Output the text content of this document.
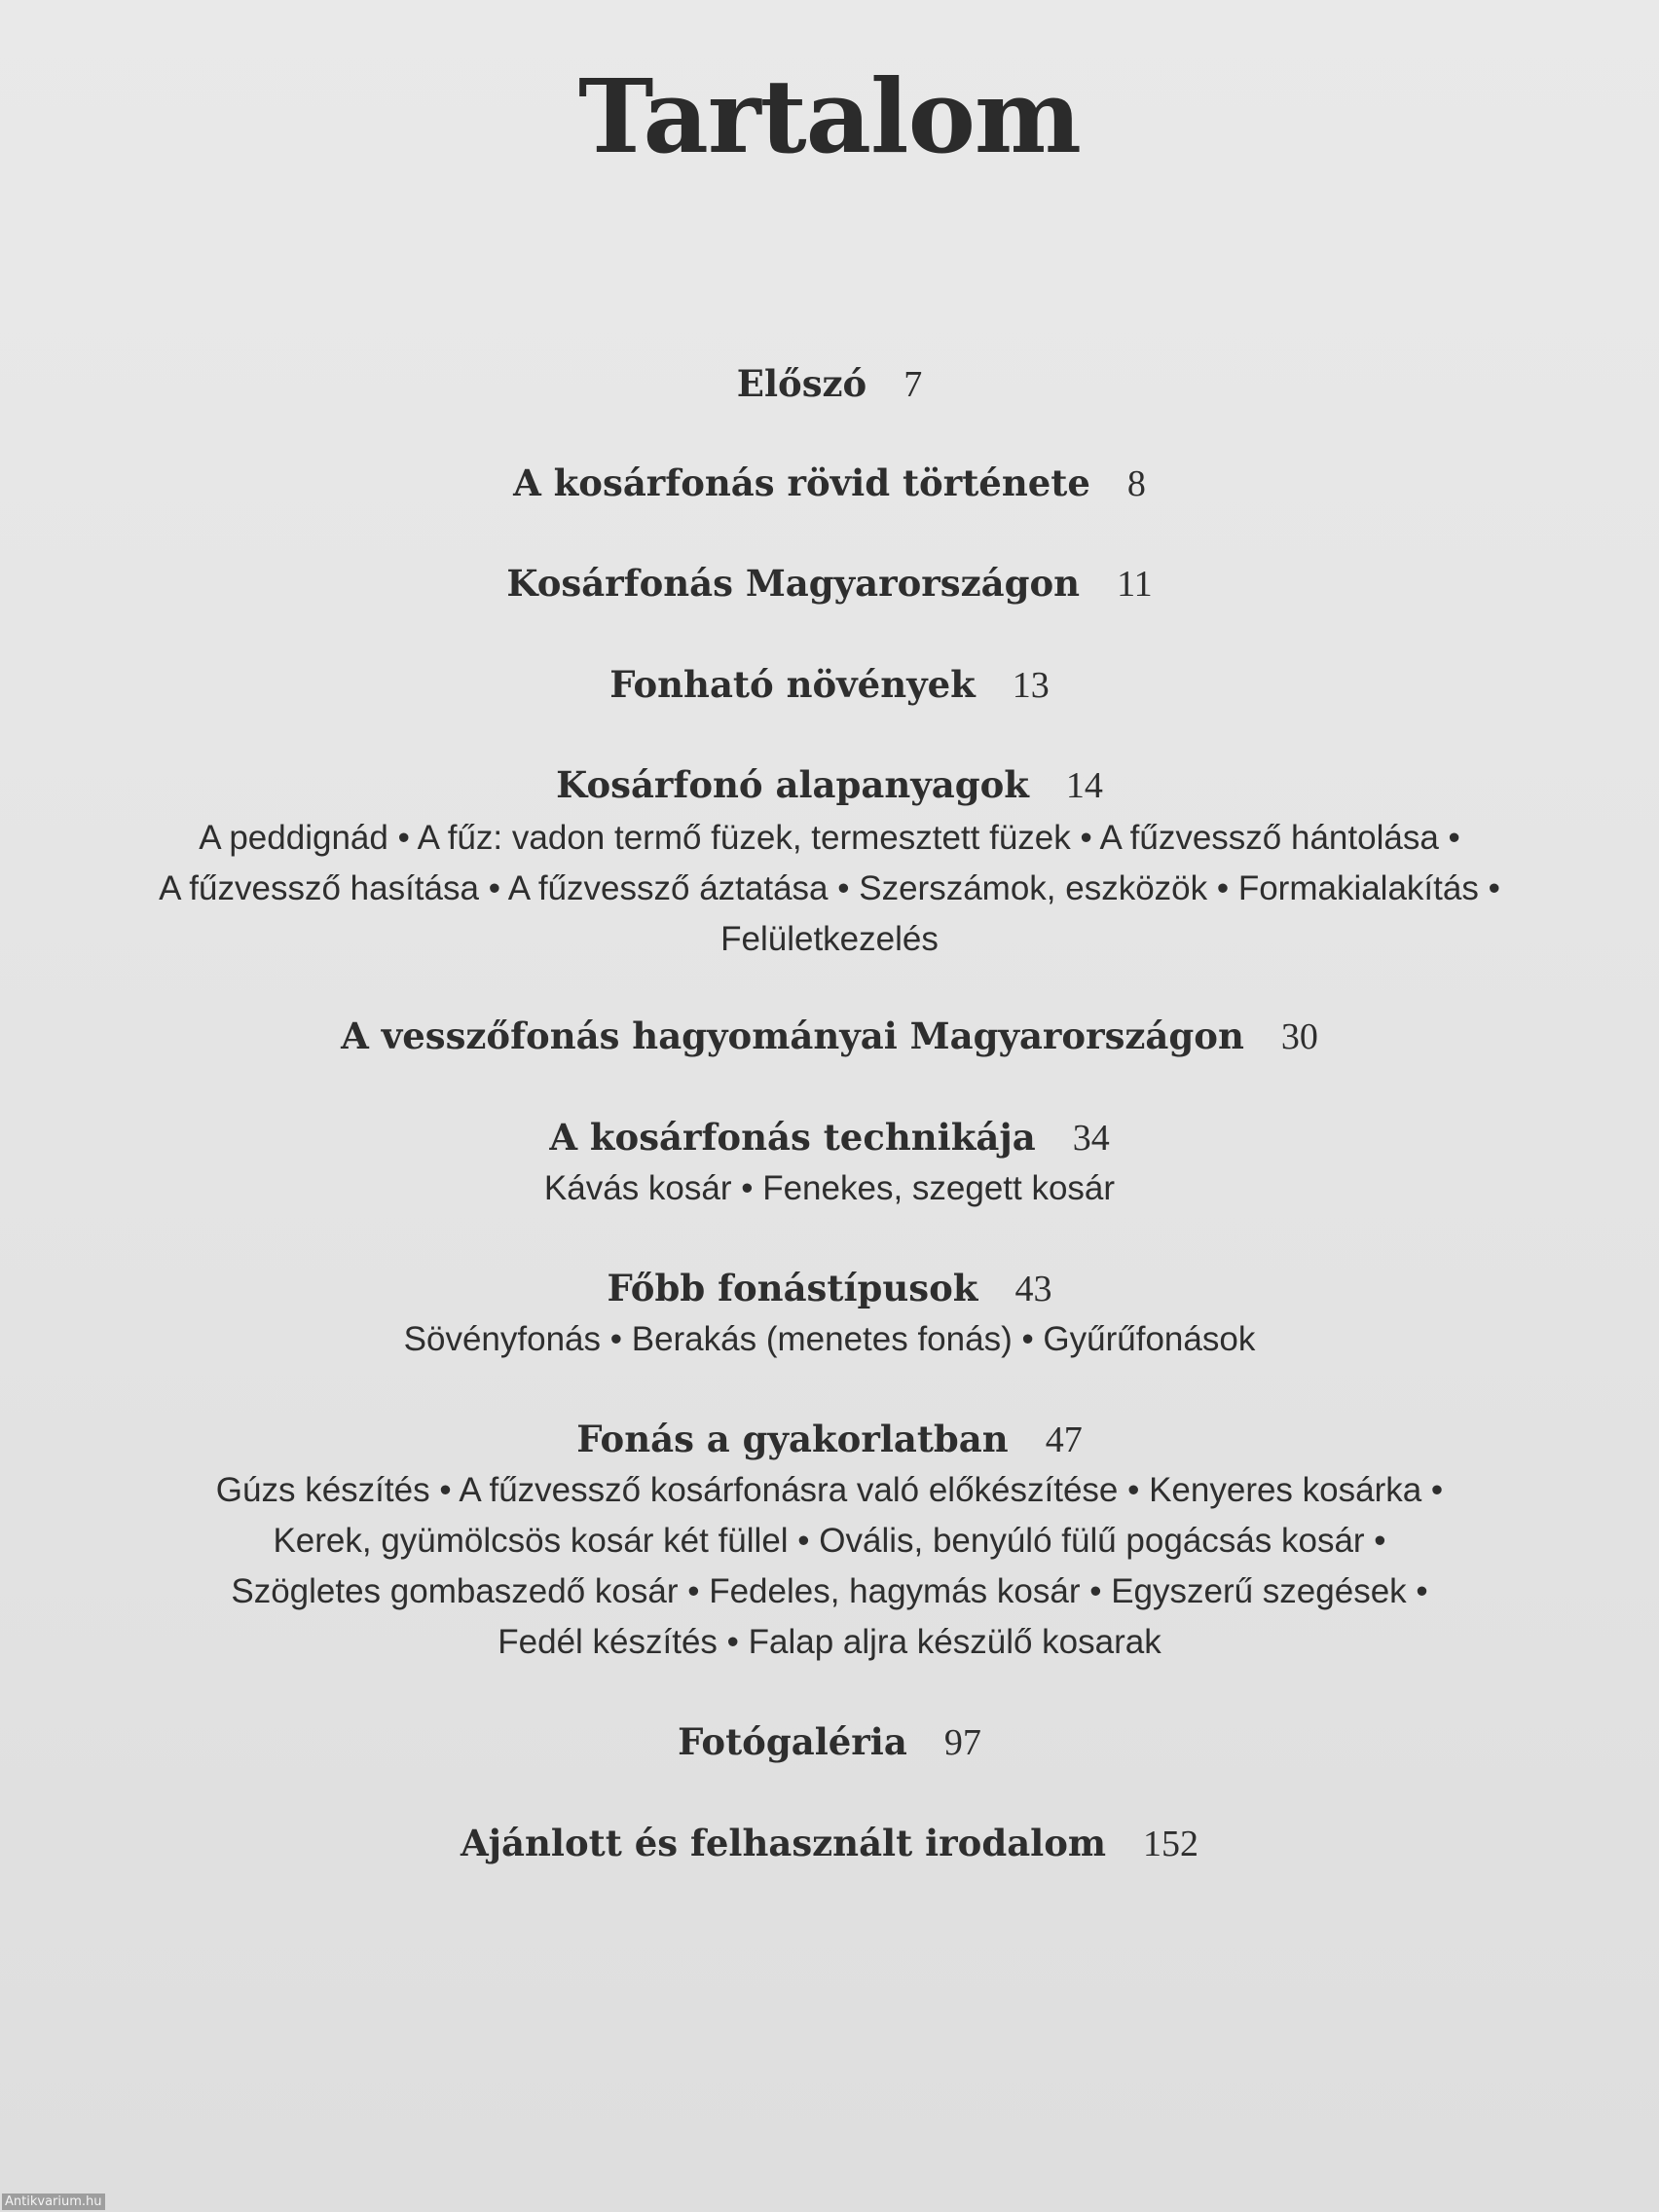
Tartalom
Előszó 7
A kosárfonás rövid története 8
Kosárfonás Magyarországon 11
Fonható növények 13
Kosárfonó alapanyagok 14
A peddignád • A fűz: vadon termő füzek, termesztett füzek • A fűzvessző hántolása •
A fűzvessző hasítása • A fűzvessző áztatása • Szerszámok, eszközök • Formakialakítás •
Felületkezelés
A vesszőfonás hagyományai Magyarországon 30
A kosárfonás technikája 34
Kávás kosár • Fenekes, szegett kosár
Főbb fonástípusok 43
Sövényfonás • Berakás (menetes fonás) • Gyűrűfonások
Fonás a gyakorlatban 47
Gúzs készítés • A fűzvessző kosárfonásra való előkészítése • Kenyeres kosárka •
Kerek, gyümölcsös kosár két füllel • Ovális, benyúló fülű pogácsás kosár •
Szögletes gombaszedő kosár • Fedeles, hagymás kosár • Egyszerű szegések •
Fedél készítés • Falap aljra készülő kosarak
Fotógaléria 97
Ajánlott és felhasznált irodalom 152
Antikvarium.hu
